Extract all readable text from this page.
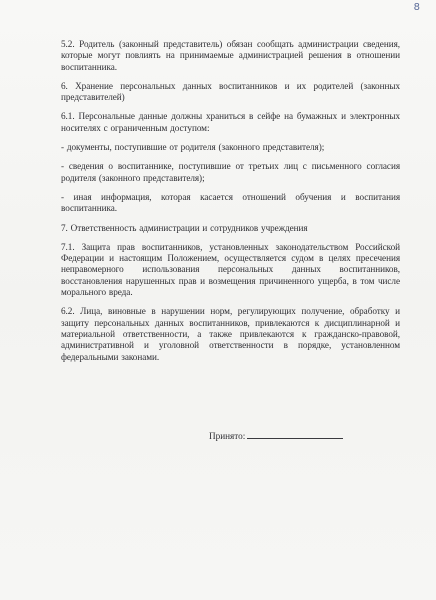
8

5.2. Родитель (законный представитель) обязан сообщать администрации сведения, которые могут повлиять на принимаемые администрацией решения в отношении воспитанника.

6. Хранение персональных данных воспитанников и их родителей (законных представителей)

6.1. Персональные данные должны храниться в сейфе на бумажных и электронных носителях с ограниченным доступом:

- документы, поступившие от родителя (законного представителя);

- сведения о воспитаннике, поступившие от третьих лиц с письменного согласия родителя (законного представителя);

- иная информация, которая касается отношений обучения и воспитания воспитанника.

7. Ответственность администрации и сотрудников учреждения

7.1. Защита прав воспитанников, установленных законодательством Российской Федерации и настоящим Положением, осуществляется судом в целях пресечения неправомерного использования персональных данных воспитанников, восстановления нарушенных прав и возмещения причиненного ущерба, в том числе морального вреда.

6.2. Лица, виновные в нарушении норм, регулирующих получение, обработку и защиту персональных данных воспитанников, привлекаются к дисциплинарной и материальной ответственности, а также привлекаются к гражданско-правовой, административной и уголовной ответственности в порядке, установленном федеральными законами.

Принято:
